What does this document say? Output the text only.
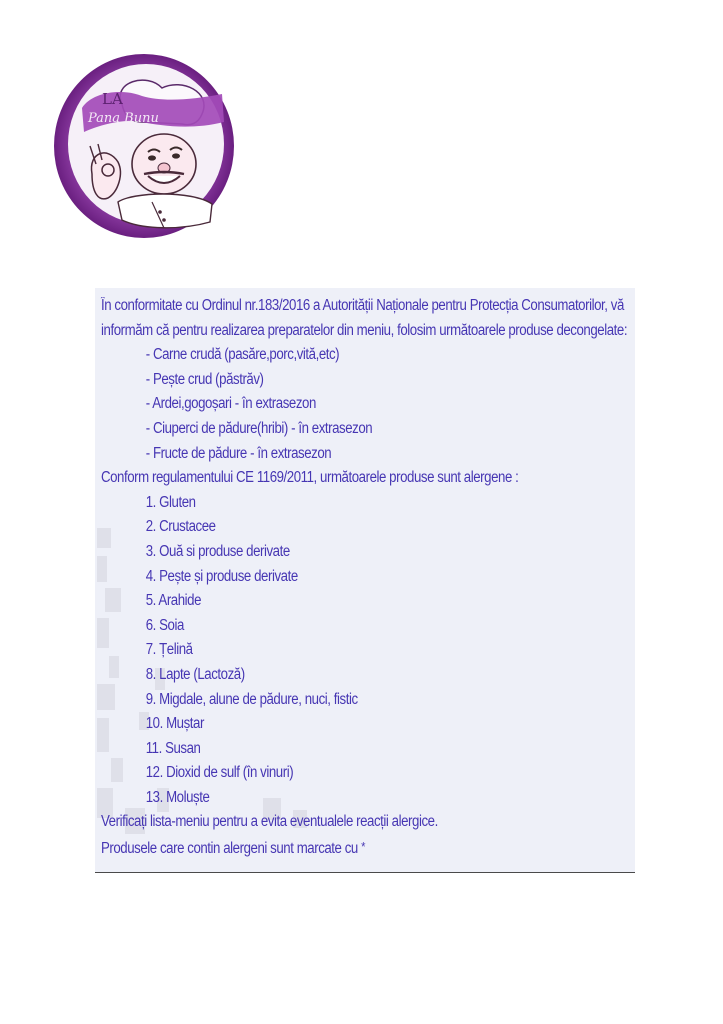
LA
Pana Bunu
În conformitate cu Ordinul nr.183/2016 a Autorității Naționale pentru Protecția Consumatorilor, vă
informăm că pentru realizarea preparatelor din meniu, folosim următoarele produse decongelate:
- Carne crudă (pasăre,porc,vită,etc)
- Pește crud (păstrăv)
- Ardei,gogoșari - în extrasezon
- Ciuperci de pădure(hribi) - în extrasezon
- Fructe de pădure - în extrasezon
Conform regulamentului CE 1169/2011, următoarele produse sunt alergene :
1. Gluten
2. Crustacee
3. Ouă si produse derivate
4. Pește și produse derivate
5. Arahide
6. Soia
7. Țelină
8. Lapte (Lactoză)
9. Migdale, alune de pădure, nuci, fistic
10. Muștar
11. Susan
12. Dioxid de sulf (în vinuri)
13. Moluște
Verificați lista-meniu pentru a evita eventualele reacții alergice.
Produsele care contin alergeni sunt marcate cu *
